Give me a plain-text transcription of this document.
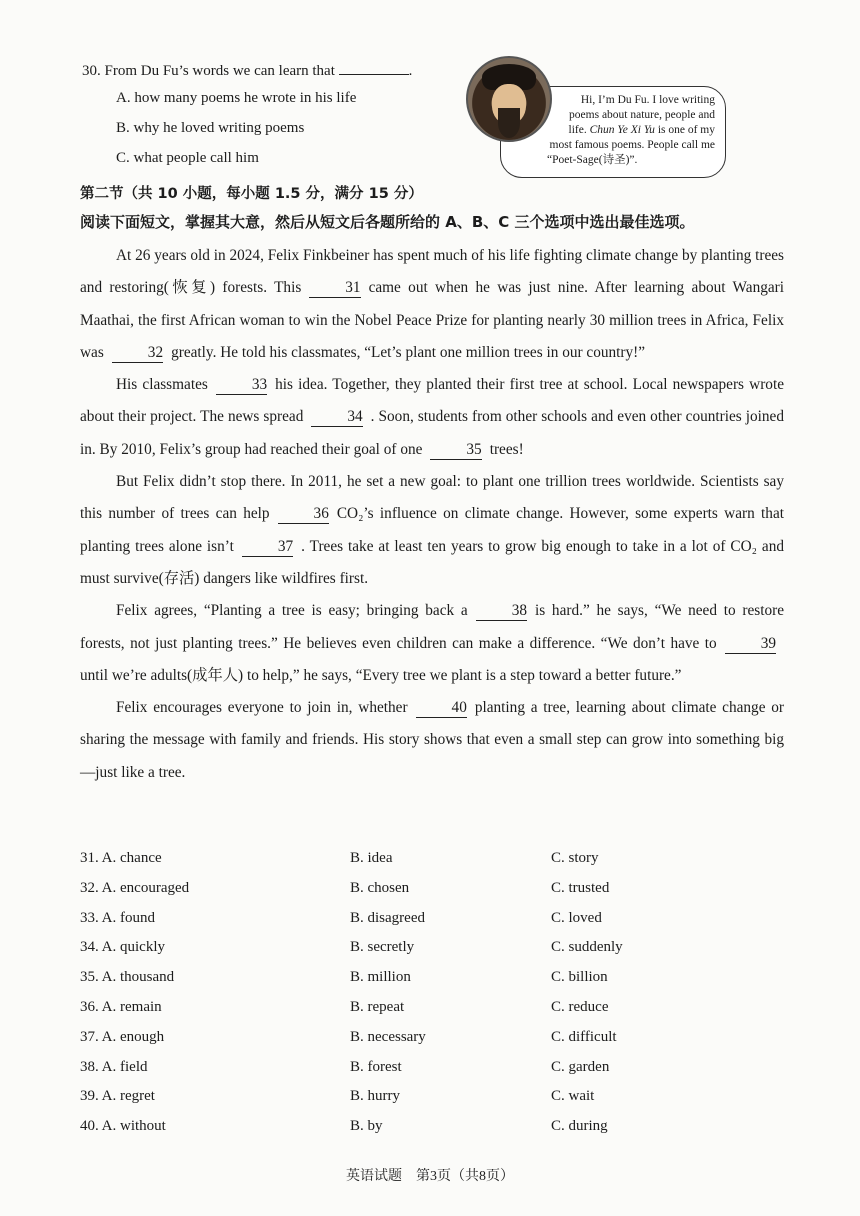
30. From Du Fu’s words we can learn that	.
A. how many poems he wrote in his life
B. why he loved writing poems
C. what people call him
Hi, I’m Du Fu. I love writing
poems about nature, people and
life. Chun Ye Xi Yu is one of my
most famous poems. People call me
“Poet-Sage(诗圣)”.
第二节（共 10 小题，每小题 1.5 分，满分 15 分）
阅读下面短文，掌握其大意，然后从短文后各题所给的 A、B、C 三个选项中选出最佳选项。

At 26 years old in 2024, Felix Finkbeiner has spent much of his life fighting climate change by planting trees and restoring(恢复) forests. This	31 came out when he was just nine. After learning about Wangari Maathai, the first African woman to win the Nobel Peace Prize for planting nearly 30 million trees in Africa, Felix was	32 greatly. He told his classmates, “Let’s plant one million trees in our country!”

His classmates	33 his idea. Together, they planted their first tree at school. Local newspapers wrote about their project. The news spread	34 . Soon, students from other schools and even other countries joined in. By 2010, Felix’s group had reached their goal of one	35 trees!

But Felix didn’t stop there. In 2011, he set a new goal: to plant one trillion trees worldwide. Scientists say this number of trees can help	36 CO₂’s influence on climate change. However, some experts warn that planting trees alone isn’t	37 . Trees take at least ten years to grow big enough to take in a lot of CO₂ and must survive(存活) dangers like wildfires first.

Felix agrees, “Planting a tree is easy; bringing back a	38 is hard.” he says, “We need to restore forests, not just planting trees.” He believes even children can make a difference. “We don’t have to	39until we’re adults(成年人) to help,” he says, “Every tree we plant is a step toward a better future.”

Felix encourages everyone to join in, whether	40 planting a tree, learning about climate change or sharing the message with family and friends. His story shows that even a small step can grow into something big—just like a tree.

31. A. chance	B. idea	C. story
32. A. encouraged	B. chosen	C. trusted
33. A. found	B. disagreed	C. loved
34. A. quickly	B. secretly	C. suddenly
35. A. thousand	B. million	C. billion
36. A. remain	B. repeat	C. reduce
37. A. enough	B. necessary	C. difficult
38. A. field	B. forest	C. garden
39. A. regret	B. hurry	C. wait
40. A. without	B. by	C. during
英语试题　第3页（共8页）
